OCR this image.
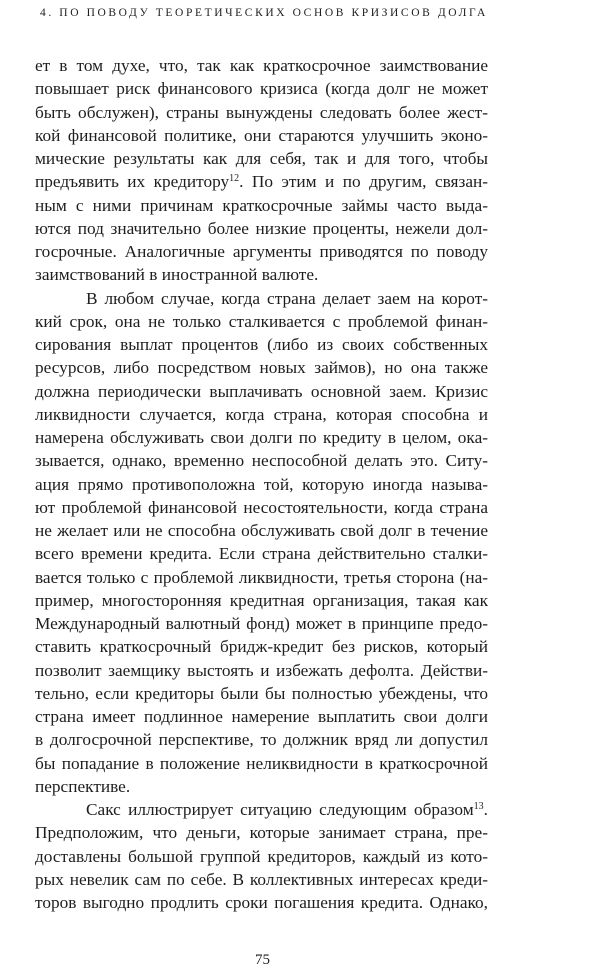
4. ПО ПОВОДУ ТЕОРЕТИЧЕСКИХ ОСНОВ КРИЗИСОВ ДОЛГА
ет в том духе, что, так как краткосрочное заимствование
повышает риск финансового кризиса (когда долг не может
быть обслужен), страны вынуждены следовать более жест-
кой финансовой политике, они стараются улучшить эконо-
мические результаты как для себя, так и для того, чтобы
предъявить их кредитору$^{12}$. По этим и по другим, связан-
ным с ними причинам краткосрочные займы часто выда-
ются под значительно более низкие проценты, нежели дол-
госрочные. Аналогичные аргументы приводятся по поводу
заимствований в иностранной валюте.
В любом случае, когда страна делает заем на корот-
кий срок, она не только сталкивается с проблемой финан-
сирования выплат процентов (либо из своих собственных
ресурсов, либо посредством новых займов), но она также
должна периодически выплачивать основной заем. Кризис
ликвидности случается, когда страна, которая способна и
намерена обслуживать свои долги по кредиту в целом, ока-
зывается, однако, временно неспособной делать это. Ситу-
ация прямо противоположна той, которую иногда называ-
ют проблемой финансовой несостоятельности, когда страна
не желает или не способна обслуживать свой долг в течение
всего времени кредита. Если страна действительно сталки-
вается только с проблемой ликвидности, третья сторона (на-
пример, многосторонняя кредитная организация, такая как
Международный валютный фонд) может в принципе предо-
ставить краткосрочный бридж-кредит без рисков, который
позволит заемщику выстоять и избежать дефолта. Действи-
тельно, если кредиторы были бы полностью убеждены, что
страна имеет подлинное намерение выплатить свои долги
в долгосрочной перспективе, то должник вряд ли допустил
бы попадание в положение неликвидности в краткосрочной
перспективе.
Сакс иллюстрирует ситуацию следующим образом$^{13}$.
Предположим, что деньги, которые занимает страна, пре-
доставлены большой группой кредиторов, каждый из кото-
рых невелик сам по себе. В коллективных интересах креди-
торов выгодно продлить сроки погашения кредита. Однако,
75
